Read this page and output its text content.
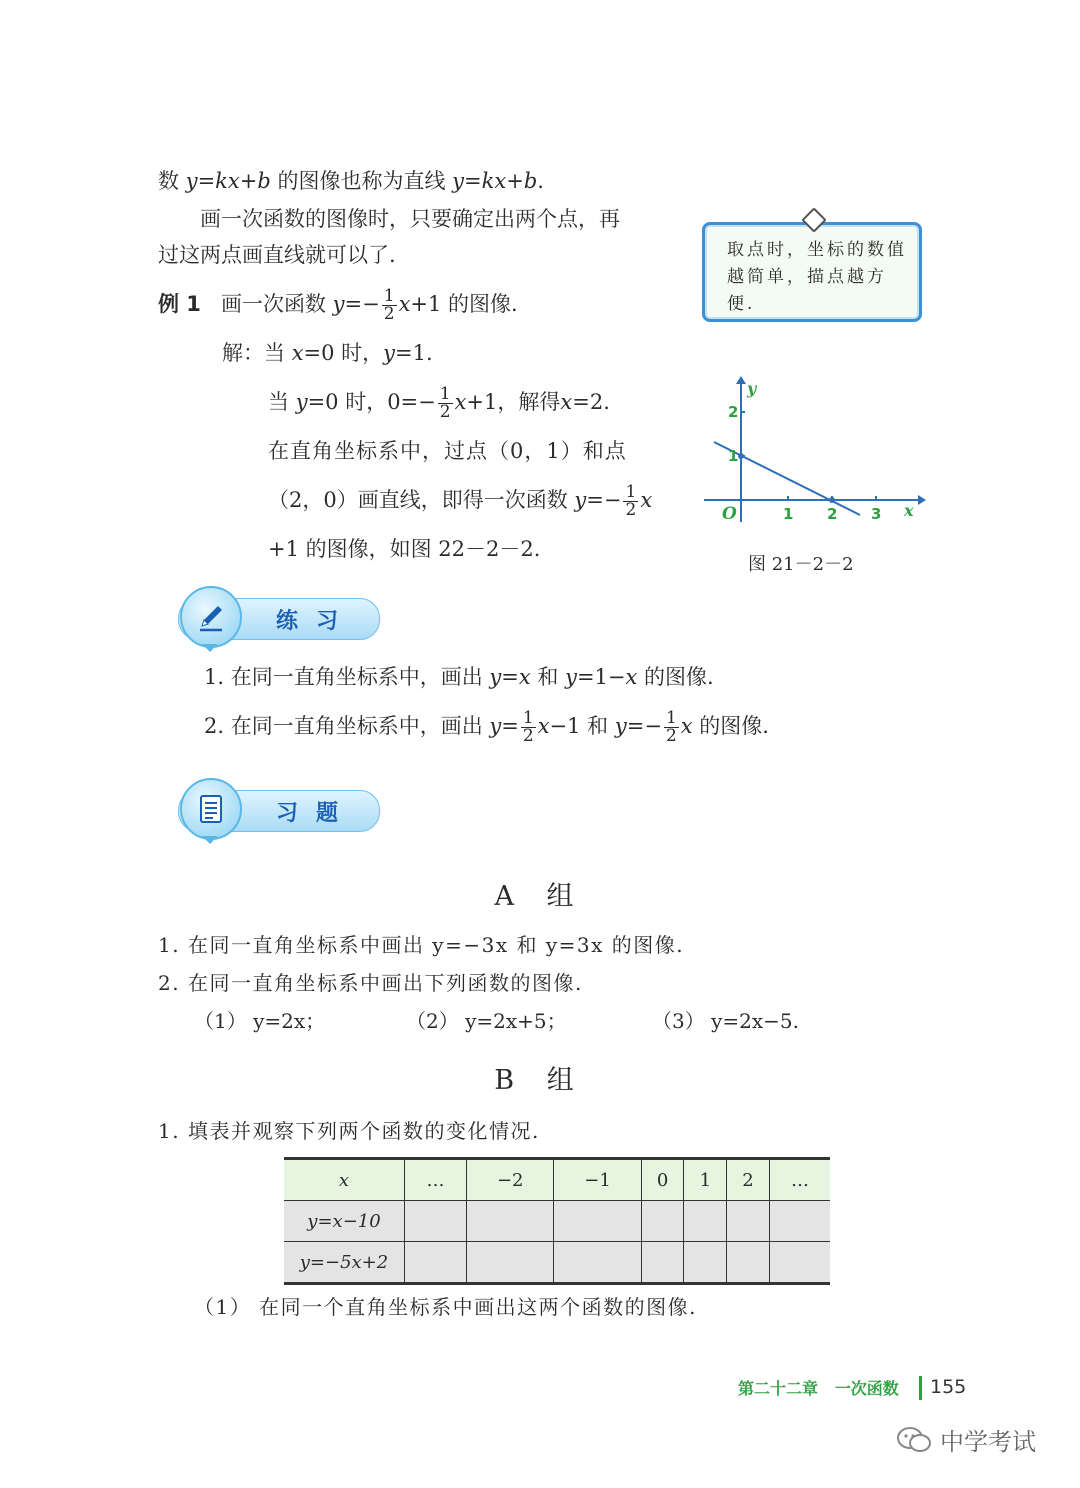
数 y=kx+b 的图像也称为直线 y=kx+b.
画一次函数的图像时，只要确定出两个点，再
过这两点画直线就可以了.	取点时，坐标的数值越简单，描点越方便.
例 1 画一次函数 $y=- \frac{1}{2} x+1$ 的图像.
解：当 x=0 时，y=1.
当 y=0 时，$0=- \frac{1}{2} x+1$，解得x=2.
在直角坐标系中，过点（0，1）和点
（2，0）画直线，即得一次函数 $y=- \frac{1}{2}$ x
+1 的图像，如图 22－2－2.
y
x
O	1 2 3
1
2
图 21－2－2
练习
1. 在同一直角坐标系中，画出 y=x 和 y=1−x 的图像.
2. 在同一直角坐标系中，画出 $y= \frac{1}{2} x-1$ 和 $y=- \frac{1}{2}$ x 的图像.
习题
A 组
1. 在同一直角坐标系中画出 y=−3x 和 y=3x 的图像.
2. 在同一直角坐标系中画出下列函数的图像.
（1） y=2x；	（2） y=2x+5；	（3） y=2x−5.
B 组
1. 填表并观察下列两个函数的变化情况.
x	…	−2	−1	0	1	2	…
y=x−10							
y=−5x+2							
（1） 在同一个直角坐标系中画出这两个函数的图像.
第二十二章 一次函数 155
中学考试
